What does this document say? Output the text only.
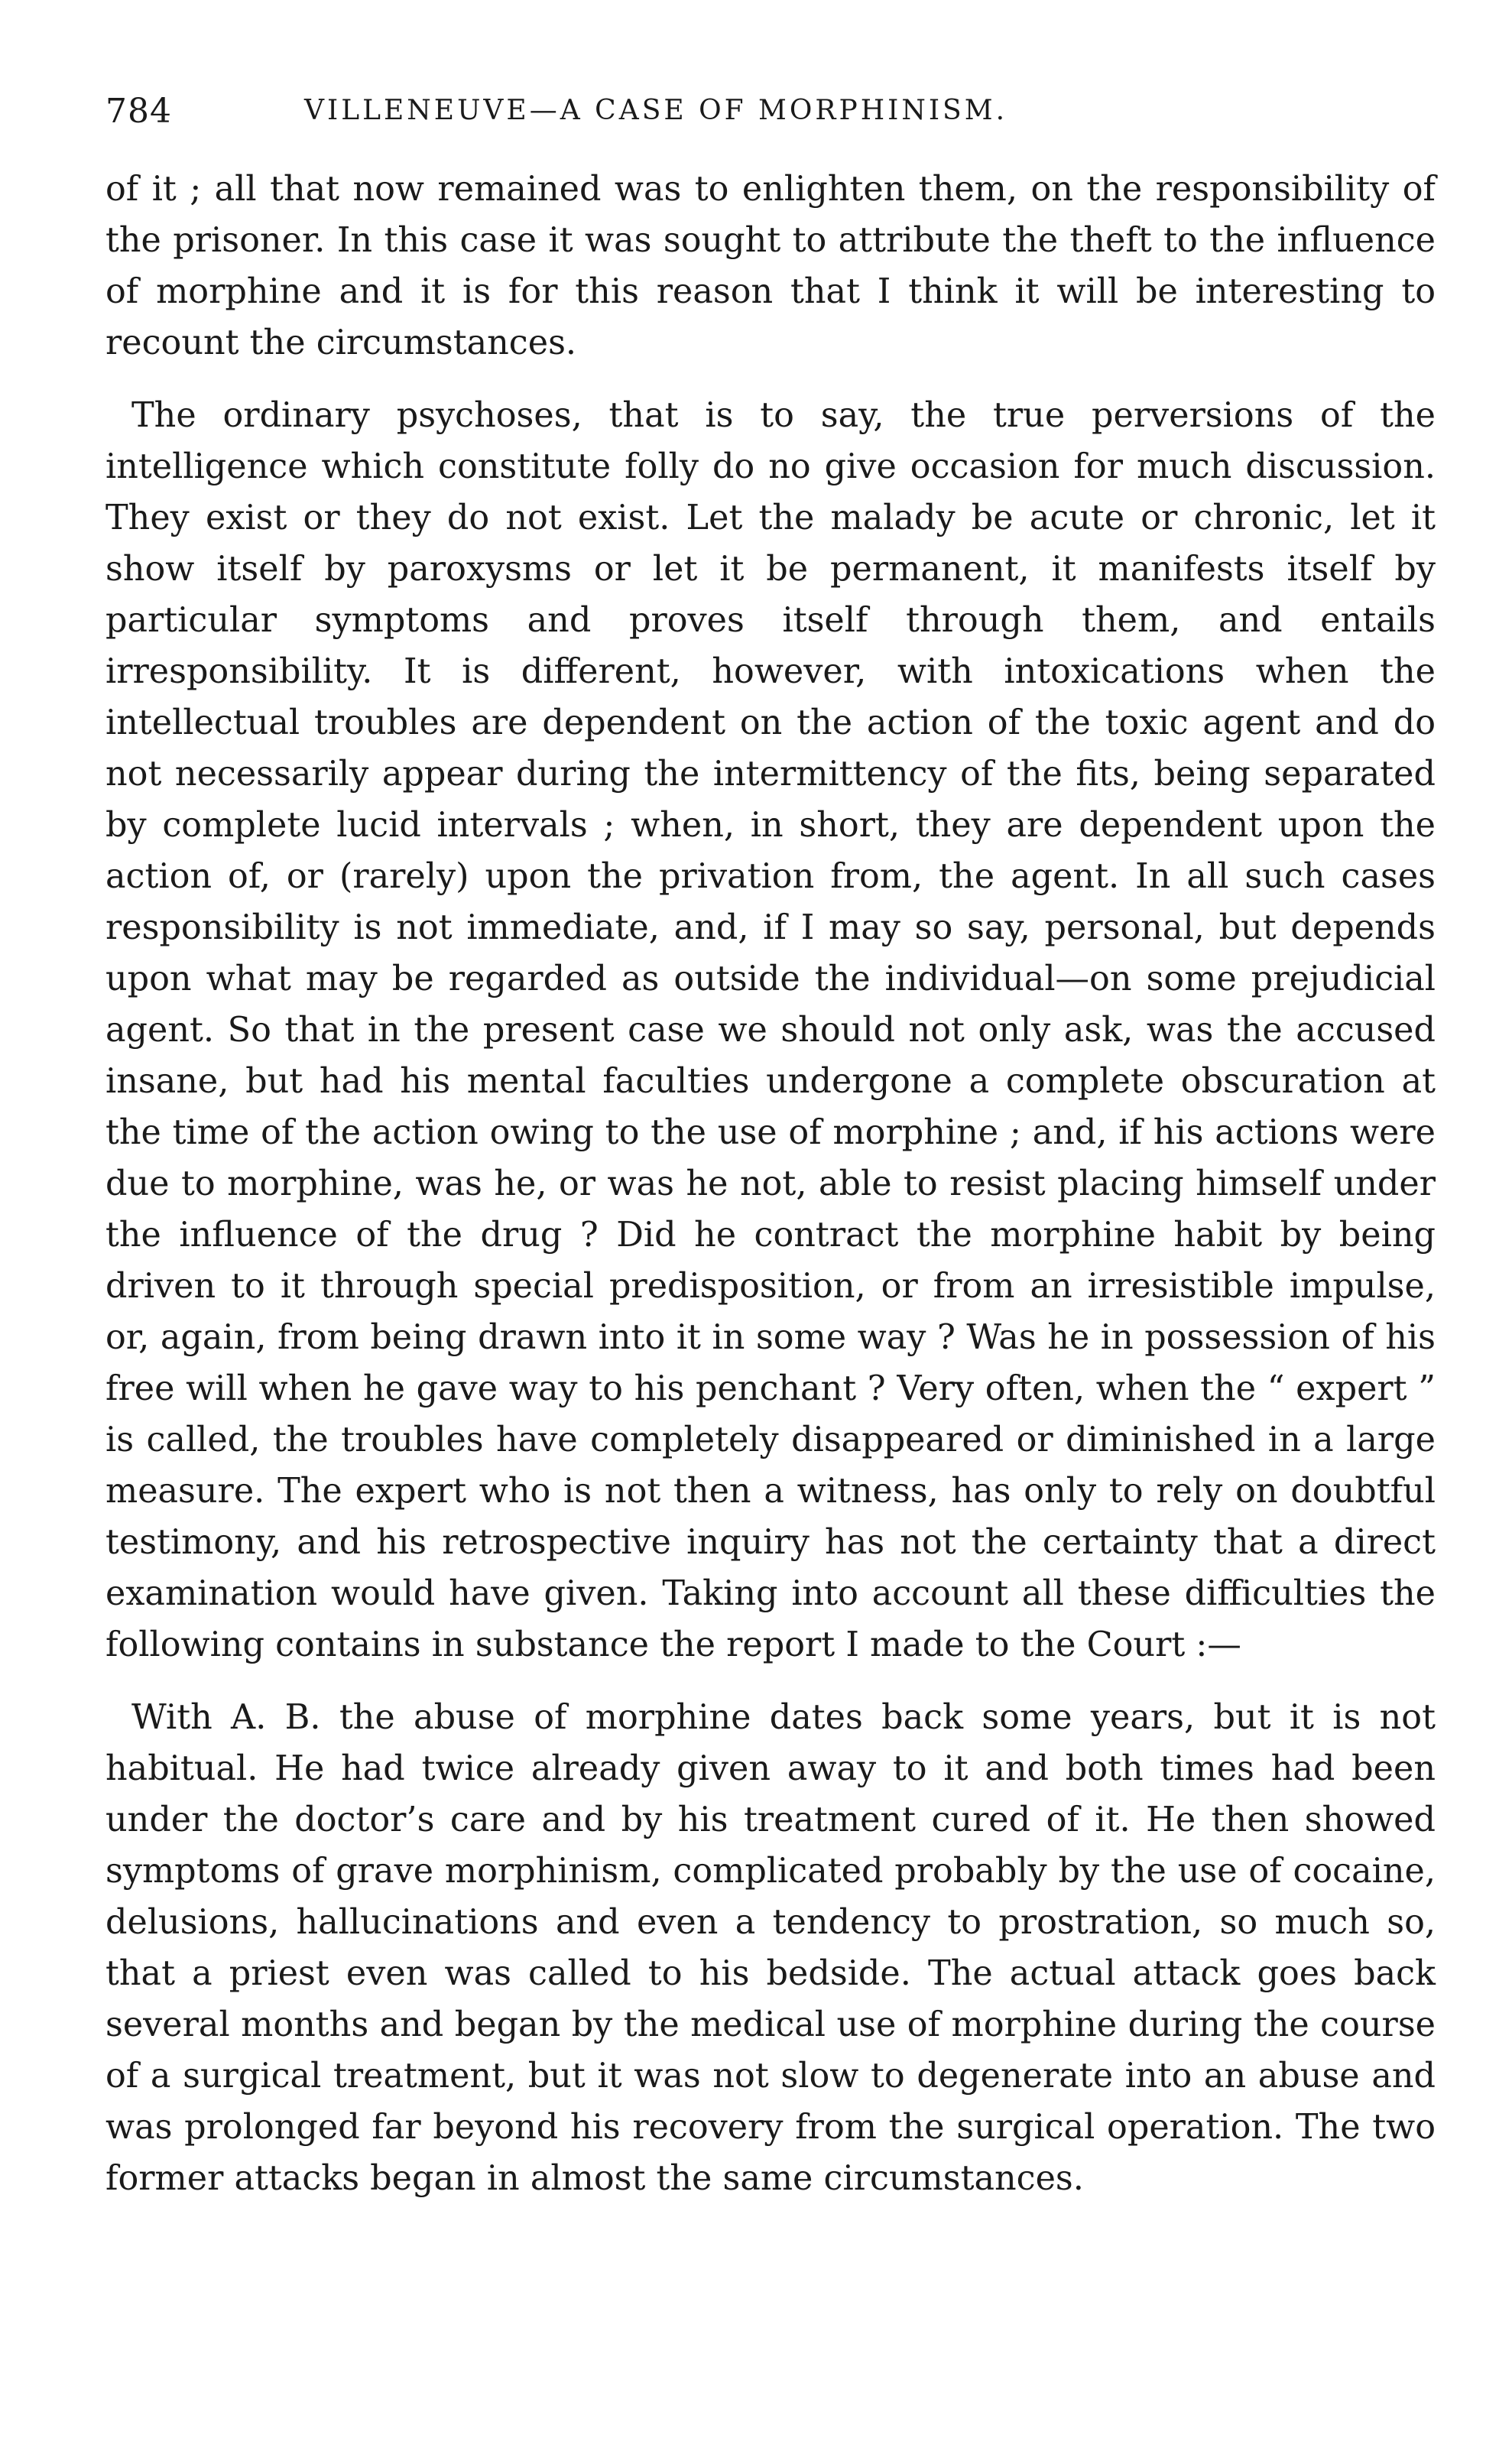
784	VILLENEUVE—A CASE OF MORPHINISM.

of it ; all that now remained was to enlighten them, on the responsibility of the prisoner. In this case it was sought to attribute the theft to the influence of morphine and it is for this reason that I think it will be interesting to recount the circumstances.

The ordinary psychoses, that is to say, the true perversions of the intelligence which constitute folly do no give occasion for much discussion. They exist or they do not exist. Let the malady be acute or chronic, let it show itself by paroxysms or let it be permanent, it manifests itself by particular symptoms and proves itself through them, and entails irresponsibility. It is different, however, with intoxications when the intellectual troubles are dependent on the action of the toxic agent and do not necessarily appear during the intermittency of the fits, being separated by complete lucid intervals ; when, in short, they are dependent upon the action of, or (rarely) upon the privation from, the agent. In all such cases responsibility is not immediate, and, if I may so say, personal, but depends upon what may be regarded as outside the individual—on some prejudicial agent. So that in the present case we should not only ask, was the accused insane, but had his mental faculties undergone a complete obscuration at the time of the action owing to the use of morphine ; and, if his actions were due to morphine, was he, or was he not, able to resist placing himself under the influence of the drug ? Did he contract the morphine habit by being driven to it through special predisposition, or from an irresistible impulse, or, again, from being drawn into it in some way ? Was he in possession of his free will when he gave way to his penchant ? Very often, when the “ expert ” is called, the troubles have completely disappeared or diminished in a large measure. The expert who is not then a witness, has only to rely on doubtful testimony, and his retrospective inquiry has not the certainty that a direct examination would have given. Taking into account all these difficulties the following contains in substance the report I made to the Court :—

With A. B. the abuse of morphine dates back some years, but it is not habitual. He had twice already given away to it and both times had been under the doctor’s care and by his treatment cured of it. He then showed symptoms of grave morphinism, complicated probably by the use of cocaine, delusions, hallucinations and even a tendency to prostration, so much so, that a priest even was called to his bedside. The actual attack goes back several months and began by the medical use of morphine during the course of a surgical treatment, but it was not slow to degenerate into an abuse and was prolonged far beyond his recovery from the surgical operation. The two former attacks began in almost the same circumstances.
